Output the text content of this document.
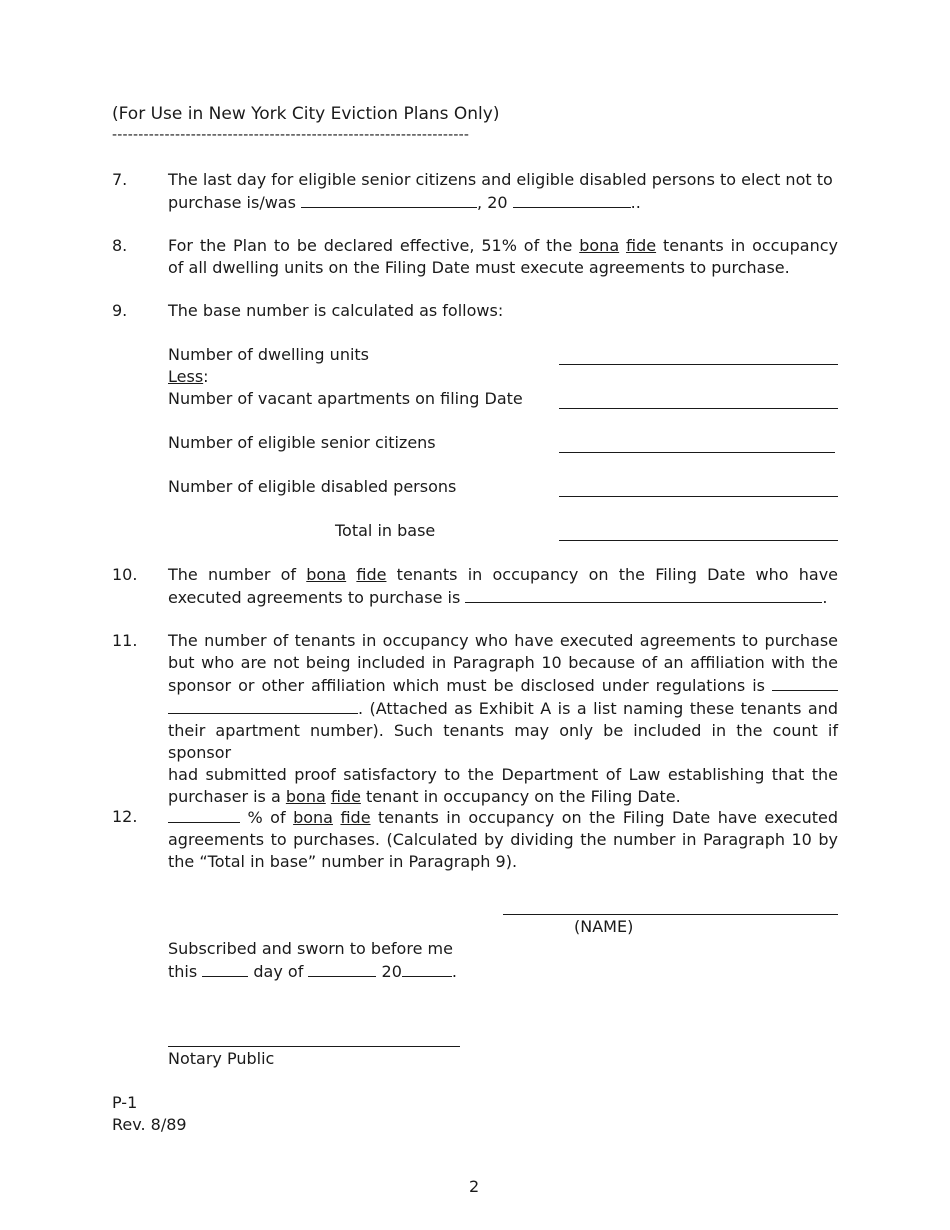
(For Use in New York City Eviction Plans Only)
--------------------------------------------------------------------
7.	The last day for eligible senior citizens and eligible disabled persons to elect not to
purchase is/was	, 20	..
8.	For the Plan to be declared effective, 51% of the bona fide tenants in occupancy
of all dwelling units on the Filing Date must execute agreements to purchase.
9.	The base number is calculated as follows:
Number of dwelling units
Less:
Number of vacant apartments on filing Date
Number of eligible senior citizens
Number of eligible disabled persons
Total in base
10. The number of bona fide tenants in occupancy on the Filing Date who have
executed agreements to purchase is	.
11. The number of tenants in occupancy who have executed agreements to purchase
but who are not being included in Paragraph 10 because of an affiliation with the
sponsor or other affiliation which must be disclosed under regulations is
. (Attached as Exhibit A is a list naming these tenants and
their apartment number). Such tenants may only be included in the count if sponsor
had submitted proof satisfactory to the Department of Law establishing that the
purchaser is a bona fide tenant in occupancy on the Filing Date.
12.	% of bona fide tenants in occupancy on the Filing Date have executed
agreements to purchases. (Calculated by dividing the number in Paragraph 10 by
the “Total in base” number in Paragraph 9).
(NAME)
Subscribed and sworn to before me
this	day of	20	.
Notary Public
P-1
Rev. 8/89
2
